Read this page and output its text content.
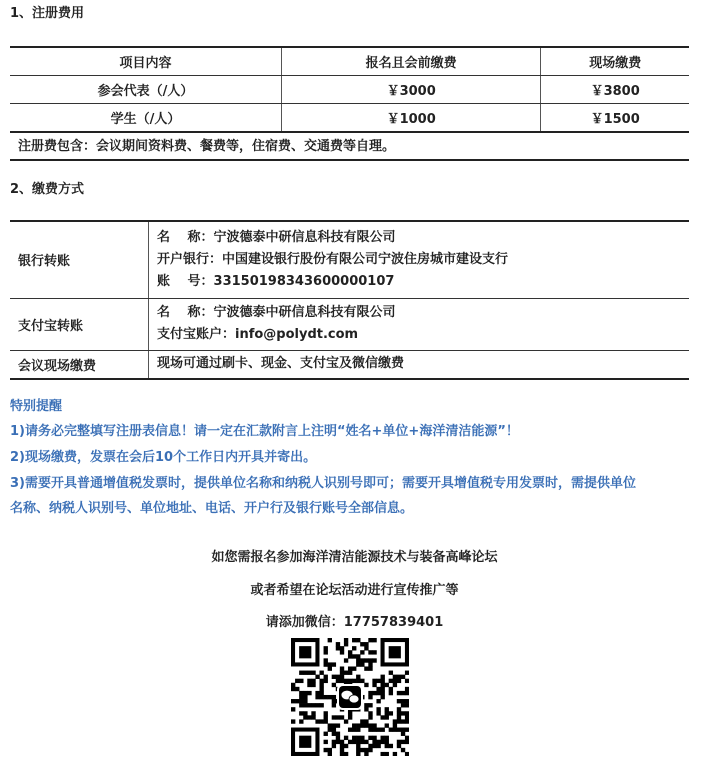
1、注册费用
项目内容	报名且会前缴费	现场缴费
参会代表（/人）	￥3000	￥3800
学生（/人）	￥1000	￥1500
注册费包含：会议期间资料费、餐费等，住宿费、交通费等自理。
2、缴费方式
银行转账	名　 称：宁波德泰中研信息科技有限公司
开户银行：中国建设银行股份有限公司宁波住房城市建设支行
账　 号：33150198343600000107

支付宝转账	名　 称：宁波德泰中研信息科技有限公司
支付宝账户：info@polydt.com

会议现场缴费	现场可通过刷卡、现金、支付宝及微信缴费
特别提醒
1)请务必完整填写注册表信息！请一定在汇款附言上注明“姓名+单位+海洋清洁能源”！
2)现场缴费，发票在会后10个工作日内开具并寄出。
3)需要开具普通增值税发票时，提供单位名称和纳税人识别号即可；需要开具增值税专用发票时，需提供单位
名称、纳税人识别号、单位地址、电话、开户行及银行账号全部信息。
如您需报名参加海洋清洁能源技术与装备高峰论坛
或者希望在论坛活动进行宣传推广等
请添加微信：17757839401
